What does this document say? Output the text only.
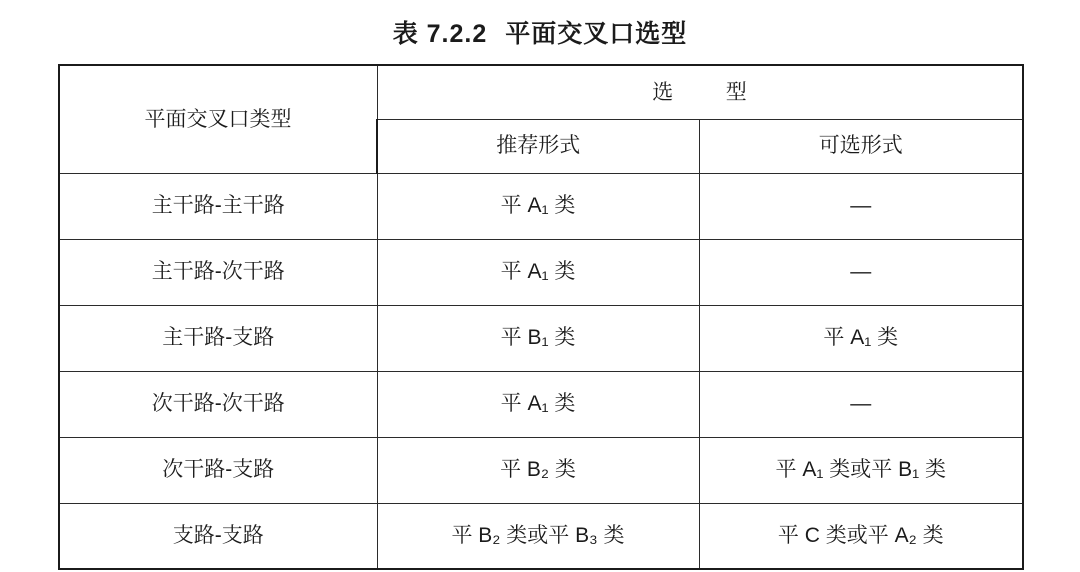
表 7.2.2 平面交叉口选型
平面交叉口类型	选 型	
	推荐形式	可选形式
主干路-主干路	平 A₁ 类	—
主干路-次干路	平 A₁ 类	—
主干路-支路	平 B₁ 类	平 A₁ 类
次干路-次干路	平 A₁ 类	—
次干路-支路	平 B₂ 类	平 A₁ 类或平 B₁ 类
支路-支路	平 B₂ 类或平 B₃ 类	平 C 类或平 A₂ 类
